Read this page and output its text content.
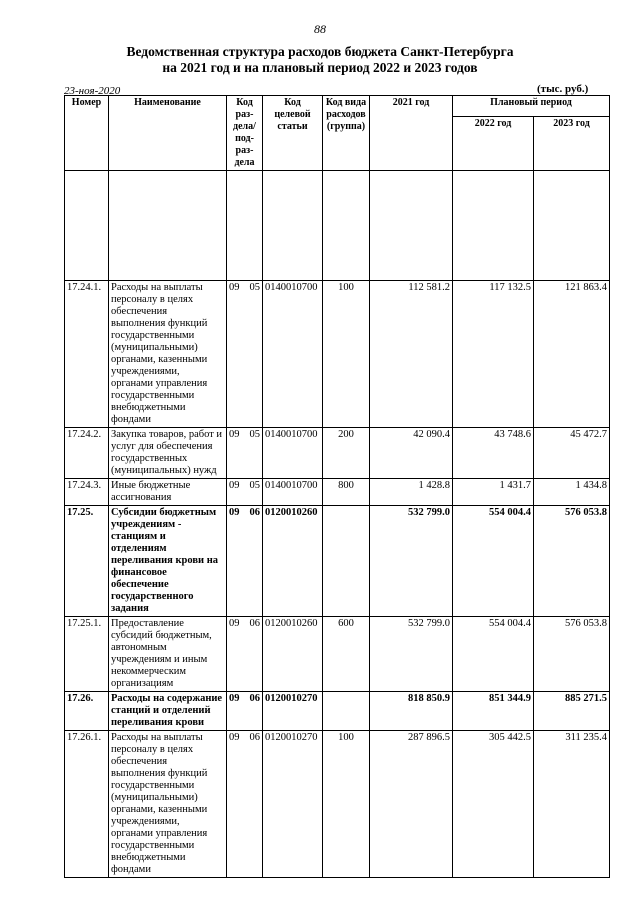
88
Ведомственная структура расходов бюджета Санкт-Петербурга
на 2021 год и на плановый период 2022 и 2023 годов
23-ноя-2020	(тыс. руб.)
Номер	Наименование	Код раз- дела/ под- раз- дела	Код целевой статьи	Код вида расходов (группа)	2021 год	Плановый период	
						2022 год	2023 год

17.24.1.	Расходы на выплаты персоналу в целях обеспечения выполнения функций государственными (муниципальными) органами, казенными учреждениями, органами управления государственными внебюджетными фондами	09 05	0140010700	100	112 581.2	117 132.5	121 863.4
17.24.2.	Закупка товаров, работ и услуг для обеспечения государственных (муниципальных) нужд	09 05	0140010700	200	42 090.4	43 748.6	45 472.7
17.24.3.	Иные бюджетные ассигнования	09 05	0140010700	800	1 428.8	1 431.7	1 434.8
17.25.	Субсидии бюджетным учреждениям - станциям и отделениям переливания крови на финансовое обеспечение государственного задания	09 06	0120010260		532 799.0	554 004.4	576 053.8
17.25.1.	Предоставление субсидий бюджетным, автономным учреждениям и иным некоммерческим организациям	09 06	0120010260	600	532 799.0	554 004.4	576 053.8
17.26.	Расходы на содержание станций и отделений переливания крови	09 06	0120010270		818 850.9	851 344.9	885 271.5
17.26.1.	Расходы на выплаты персоналу в целях обеспечения выполнения функций государственными (муниципальными) органами, казенными учреждениями, органами управления государственными внебюджетными фондами	09 06	0120010270	100	287 896.5	305 442.5	311 235.4
